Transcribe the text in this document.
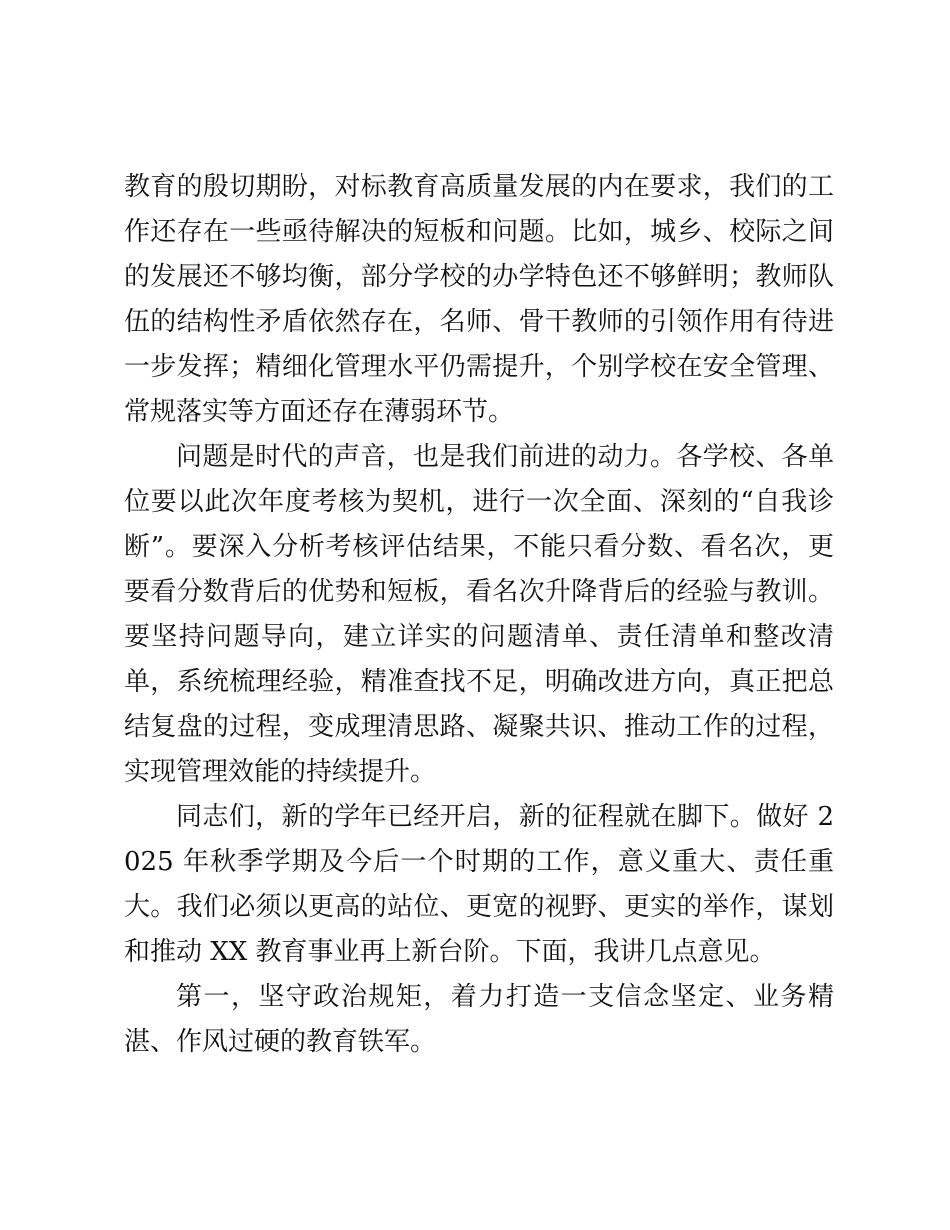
教育的殷切期盼，对标教育高质量发展的内在要求，我们的工作还存在一些亟待解决的短板和问题。比如，城乡、校际之间的发展还不够均衡，部分学校的办学特色还不够鲜明；教师队伍的结构性矛盾依然存在，名师、骨干教师的引领作用有待进一步发挥；精细化管理水平仍需提升，个别学校在安全管理、常规落实等方面还存在薄弱环节。

问题是时代的声音，也是我们前进的动力。各学校、各单位要以此次年度考核为契机，进行一次全面、深刻的“自我诊断”。要深入分析考核评估结果，不能只看分数、看名次，更要看分数背后的优势和短板，看名次升降背后的经验与教训。要坚持问题导向，建立详实的问题清单、责任清单和整改清单，系统梳理经验，精准查找不足，明确改进方向，真正把总结复盘的过程，变成理清思路、凝聚共识、推动工作的过程，实现管理效能的持续提升。

同志们，新的学年已经开启，新的征程就在脚下。做好 2025 年秋季学期及今后一个时期的工作，意义重大、责任重大。我们必须以更高的站位、更宽的视野、更实的举作，谋划和推动 XX 教育事业再上新台阶。下面，我讲几点意见。

第一，坚守政治规矩，着力打造一支信念坚定、业务精湛、作风过硬的教育铁军。
